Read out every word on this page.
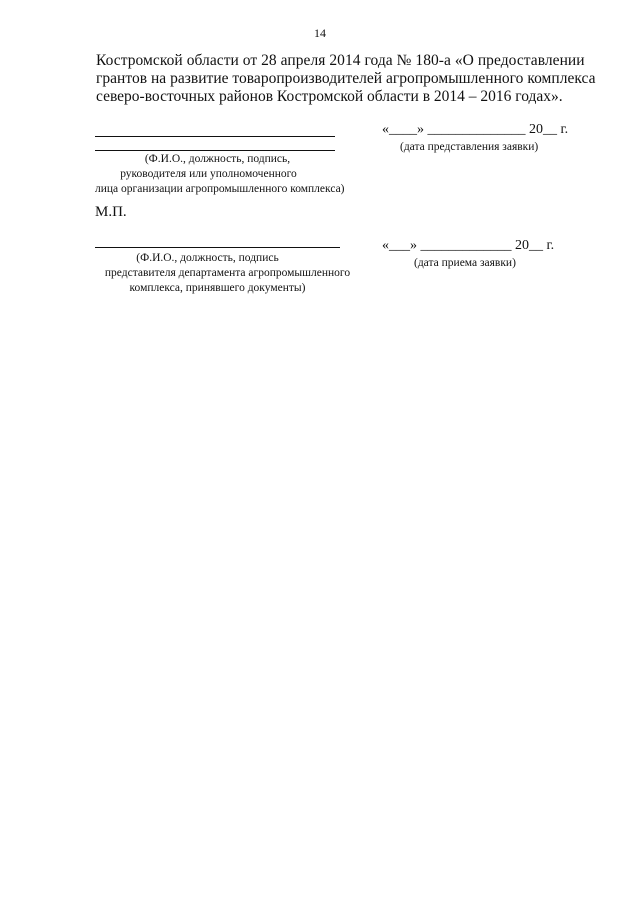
14
Костромской области от 28 апреля 2014 года № 180-а «О предоставлении
грантов на развитие товаропроизводителей агропромышленного комплекса
северо-восточных районов Костромской области в 2014 – 2016 годах».
(Ф.И.О., должность, подпись,
руководителя или уполномоченного
лица организации агропромышленного комплекса)
«____» ______________ 20__ г.
(дата представления заявки)
М.П.
(Ф.И.О., должность, подпись
представителя департамента агропромышленного
комплекса, принявшего документы)
«___» _____________ 20__ г.
(дата приема заявки)
